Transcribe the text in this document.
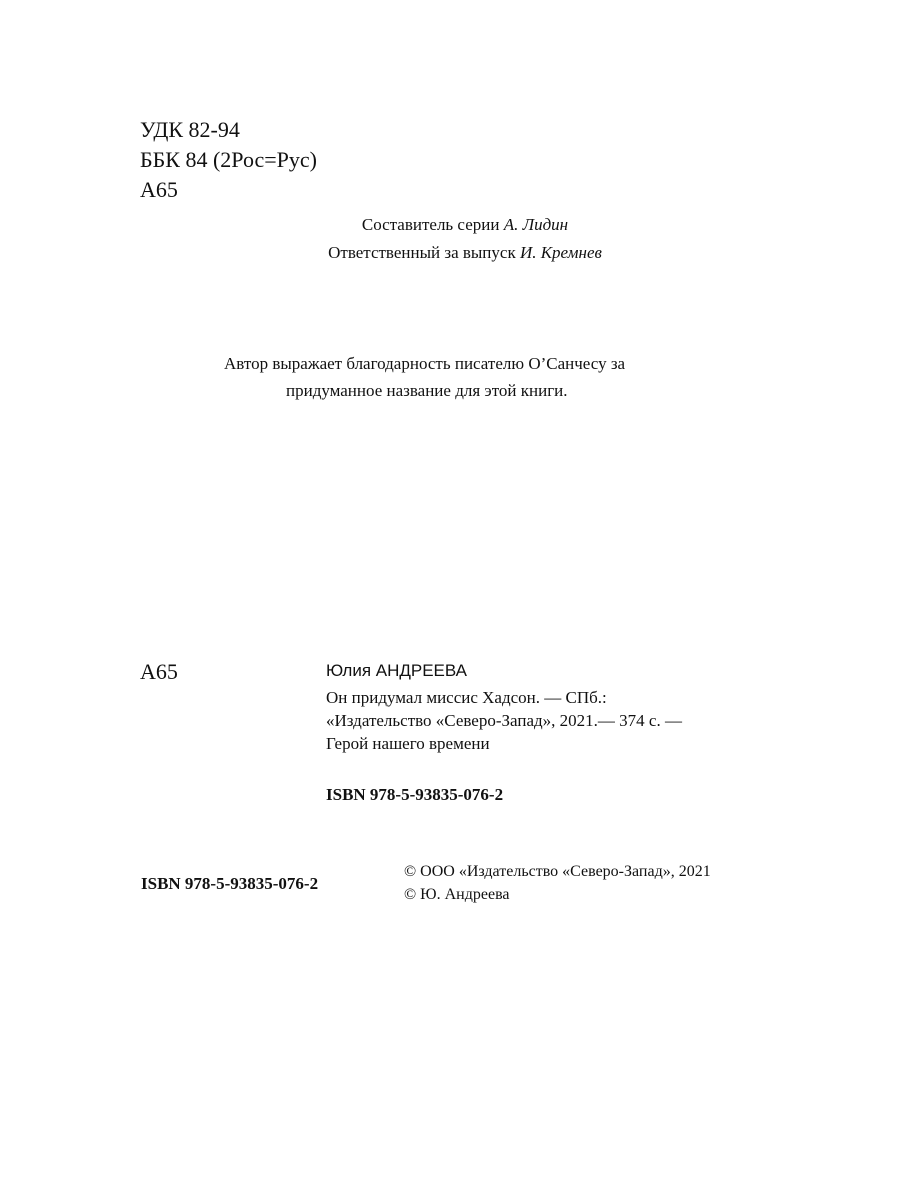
УДК 82-94
ББК 84 (2Рос=Рус)
А65
Составитель серии А. Лидин
Ответственный за выпуск И. Кремнев
Автор выражает благодарность писателю О’Санчесу за
придуманное название для этой книги.
А65	Юлия АНДРЕЕВА
Он придумал миссис Хадсон. — СПб.:
«Издательство «Северо-Запад», 2021.— 374 с. —
Герой нашего времени
ISBN 978-5-93835-076-2
ISBN 978-5-93835-076-2
© ООО «Издательство «Северо-Запад», 2021
© Ю. Андреева
